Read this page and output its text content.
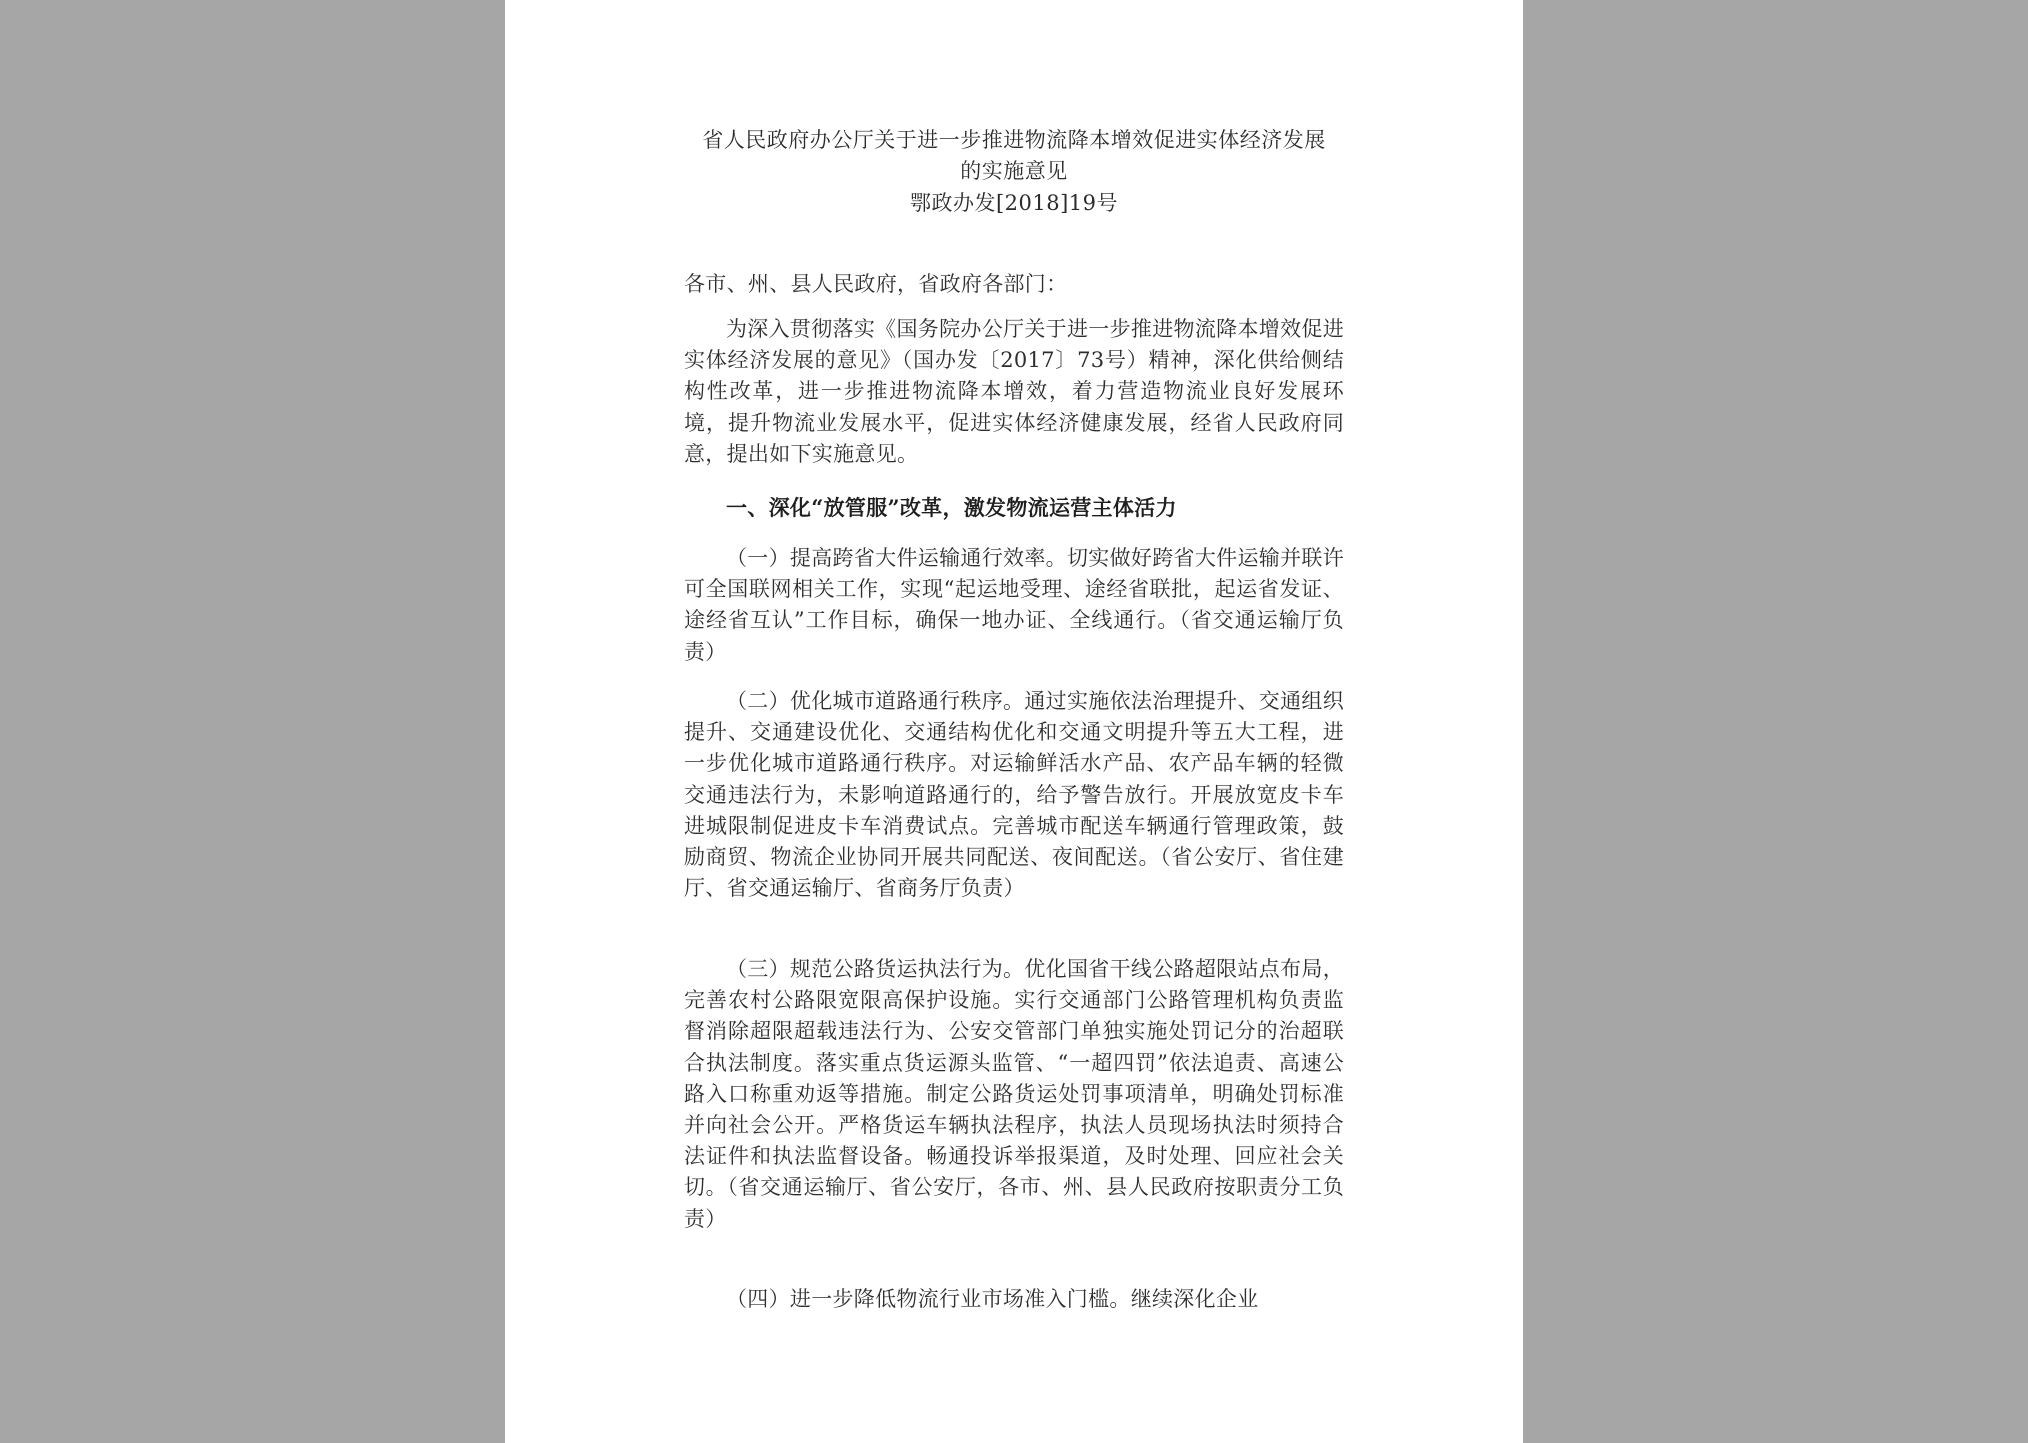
省人民政府办公厅关于进一步推进物流降本增效促进实体经济发展
的实施意见
鄂政办发[2018]19号
各市、州、县人民政府，省政府各部门：
为深入贯彻落实《国务院办公厅关于进一步推进物流降本增效促进实体经济发展的意见》（国办发〔2017〕73号）精神，深化供给侧结构性改革，进一步推进物流降本增效，着力营造物流业良好发展环境，提升物流业发展水平，促进实体经济健康发展，经省人民政府同意，提出如下实施意见。
一、深化“放管服”改革，激发物流运营主体活力
（一）提高跨省大件运输通行效率。切实做好跨省大件运输并联许可全国联网相关工作，实现“起运地受理、途经省联批，起运省发证、途经省互认”工作目标，确保一地办证、全线通行。（省交通运输厅负责）
（二）优化城市道路通行秩序。通过实施依法治理提升、交通组织提升、交通建设优化、交通结构优化和交通文明提升等五大工程，进一步优化城市道路通行秩序。对运输鲜活水产品、农产品车辆的轻微交通违法行为，未影响道路通行的，给予警告放行。开展放宽皮卡车进城限制促进皮卡车消费试点。完善城市配送车辆通行管理政策，鼓励商贸、物流企业协同开展共同配送、夜间配送。（省公安厅、省住建厅、省交通运输厅、省商务厅负责）
（三）规范公路货运执法行为。优化国省干线公路超限站点布局，完善农村公路限宽限高保护设施。实行交通部门公路管理机构负责监督消除超限超载违法行为、公安交管部门单独实施处罚记分的治超联合执法制度。落实重点货运源头监管、“一超四罚”依法追责、高速公路入口称重劝返等措施。制定公路货运处罚事项清单，明确处罚标准并向社会公开。严格货运车辆执法程序，执法人员现场执法时须持合法证件和执法监督设备。畅通投诉举报渠道，及时处理、回应社会关切。（省交通运输厅、省公安厅，各市、州、县人民政府按职责分工负责）
（四）进一步降低物流行业市场准入门槛。继续深化企业
